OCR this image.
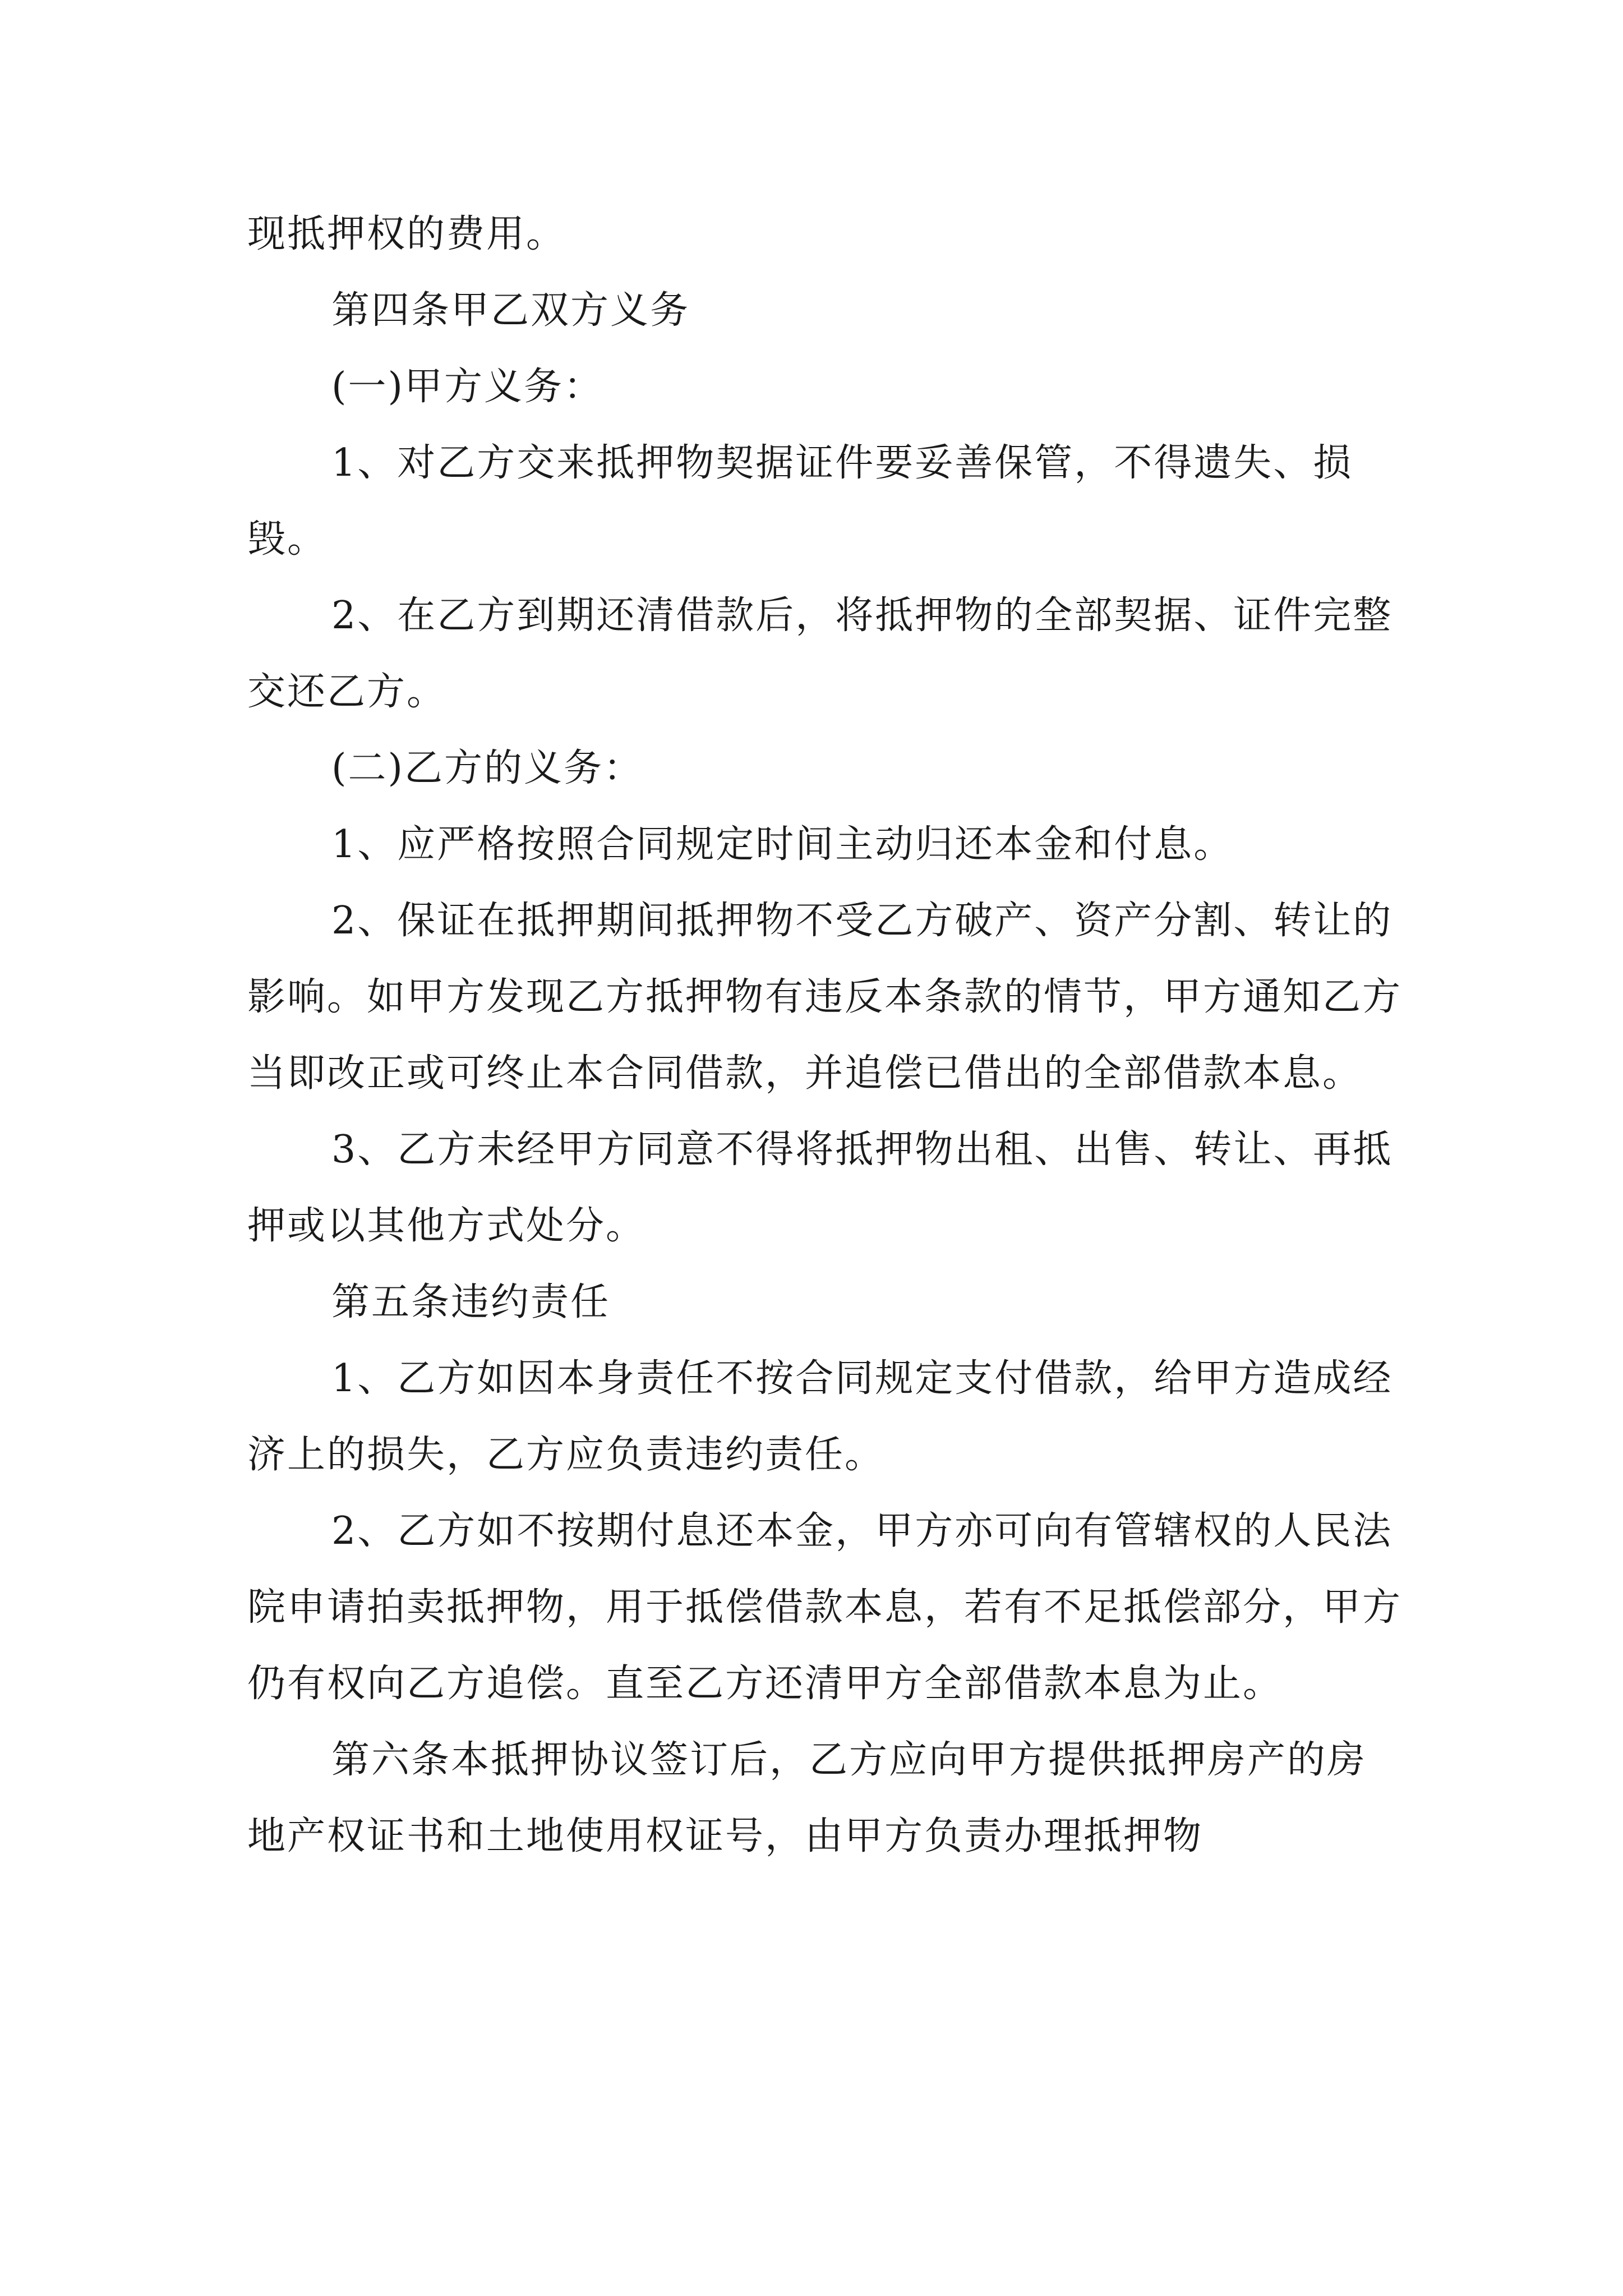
现抵押权的费用。

第四条甲乙双方义务

(一)甲方义务：

1、对乙方交来抵押物契据证件要妥善保管，不得遗失、损毁。

2、在乙方到期还清借款后，将抵押物的全部契据、证件完整交还乙方。

(二)乙方的义务：

1、应严格按照合同规定时间主动归还本金和付息。

2、保证在抵押期间抵押物不受乙方破产、资产分割、转让的影响。如甲方发现乙方抵押物有违反本条款的情节，甲方通知乙方当即改正或可终止本合同借款，并追偿已借出的全部借款本息。

3、乙方未经甲方同意不得将抵押物出租、出售、转让、再抵押或以其他方式处分。

第五条违约责任

1、乙方如因本身责任不按合同规定支付借款，给甲方造成经济上的损失，乙方应负责违约责任。

2、乙方如不按期付息还本金，甲方亦可向有管辖权的人民法院申请拍卖抵押物，用于抵偿借款本息，若有不足抵偿部分，甲方仍有权向乙方追偿。直至乙方还清甲方全部借款本息为止。

第六条本抵押协议签订后，乙方应向甲方提供抵押房产的房地产权证书和土地使用权证号，由甲方负责办理抵押物
